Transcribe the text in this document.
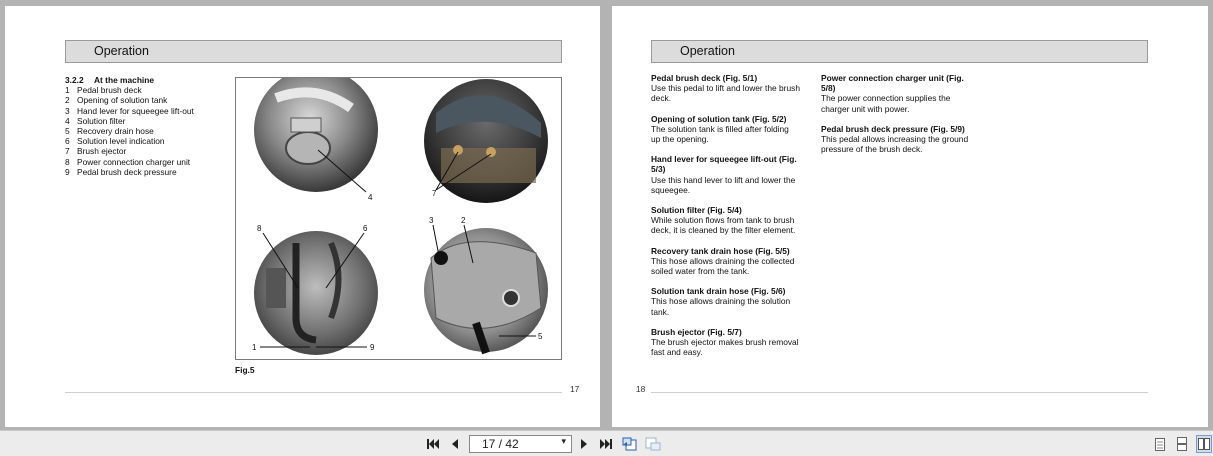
Operation
3.2.2	At the machine
1 Pedal brush deck
2 Opening of solution tank
3 Hand lever for squeegee lift-out
4 Solution filter
5 Recovery drain hose
6 Solution level indication
7 Brush ejector
8 Power connection charger unit
9 Pedal brush deck pressure
4	7
8	6
3	2
1	9
5
Fig.5
17
Operation
Pedal brush deck (Fig. 5/1)
Use this pedal to lift and lower the brush
deck.
Opening of solution tank (Fig. 5/2)
The solution tank is filled after folding
up the opening.
Hand lever for squeegee lift-out (Fig.
5/3)
Use this hand lever to lift and lower the
squeegee.
Solution filter (Fig. 5/4)
While solution flows from tank to brush
deck, it is cleaned by the filter element.
Recovery tank drain hose (Fig. 5/5)
This hose allows draining the collected
soiled water from the tank.
Solution tank drain hose (Fig. 5/6)
This hose allows draining the solution
tank.
Brush ejector (Fig. 5/7)
The brush ejector makes brush removal
fast and easy.
Power connection charger unit (Fig.
5/8)
The power connection supplies the
charger unit with power.
Pedal brush deck pressure (Fig. 5/9)
This pedal allows increasing the ground
pressure of the brush deck.
18
17 / 42	▾
